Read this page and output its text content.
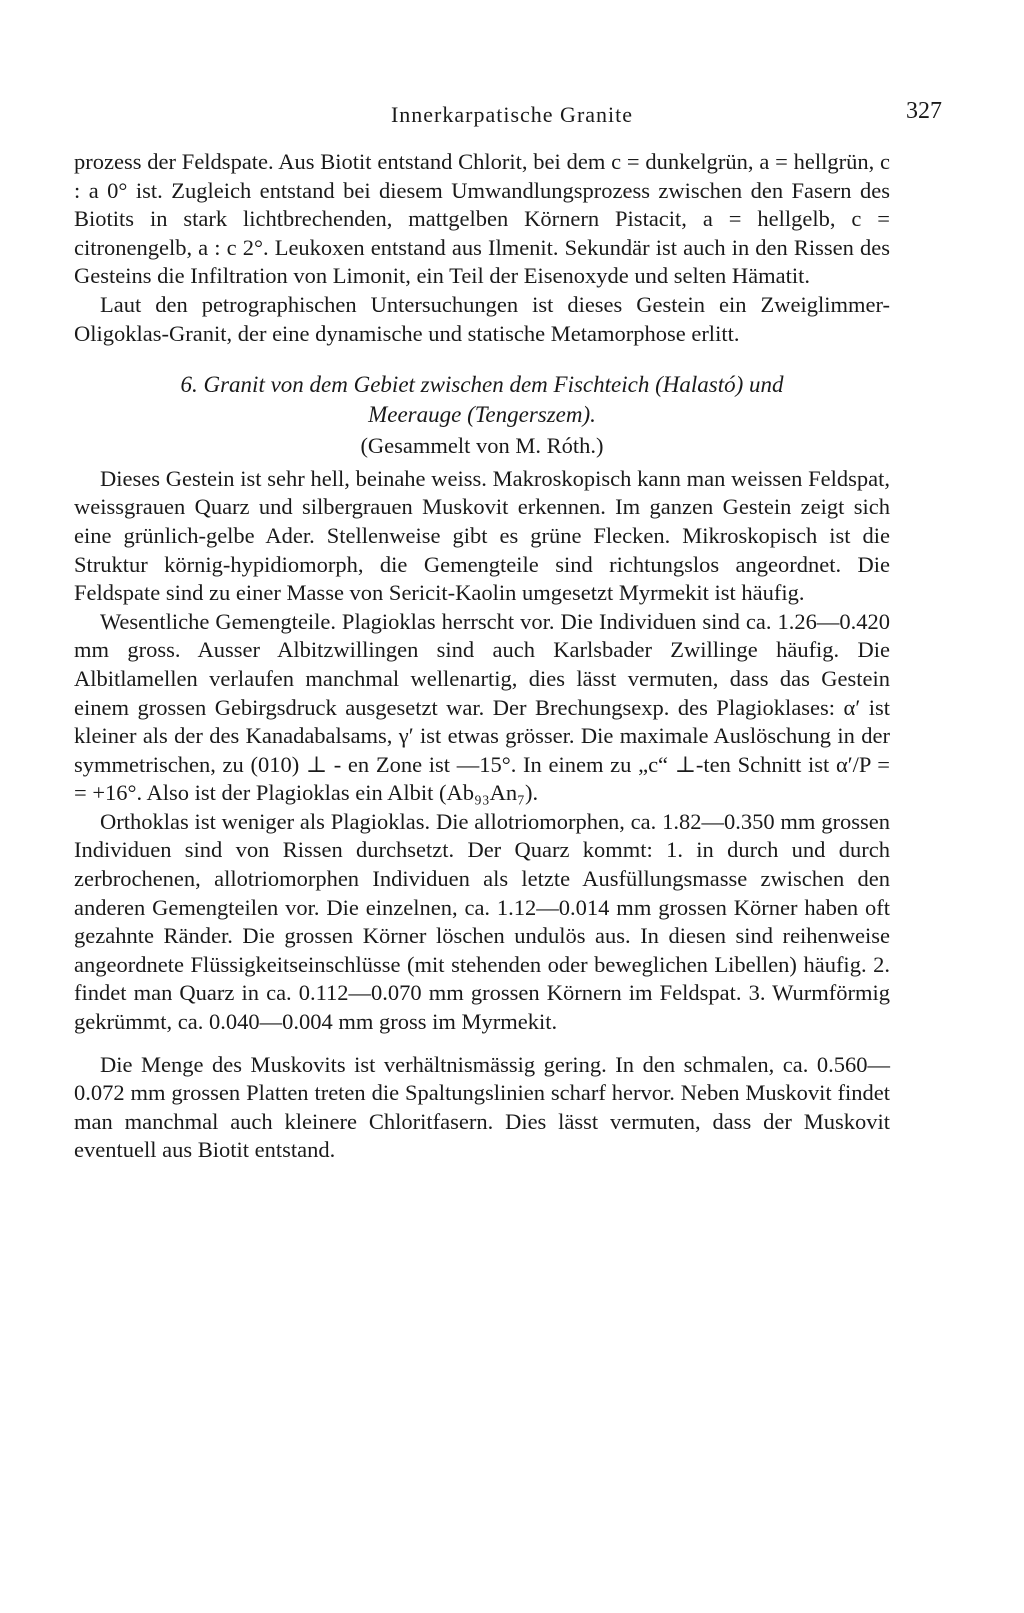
Innerkarpatische Granite	327

prozess der Feldspate. Aus Biotit entstand Chlorit, bei dem c = dunkelgrün, a = hellgrün, c : a 0° ist. Zugleich entstand bei diesem Umwandlungsprozess zwischen den Fasern des Biotits in stark lichtbrechenden, mattgelben Körnern Pistacit, a = hellgelb, c = citronengelb, a : c 2°. Leukoxen entstand aus Ilmenit. Sekundär ist auch in den Rissen des Gesteins die Infiltration von Limonit, ein Teil der Eisenoxyde und selten Hämatit.

Laut den petrographischen Untersuchungen ist dieses Gestein ein Zweiglimmer-Oligoklas-Granit, der eine dynamische und statische Metamorphose erlitt.

6. Granit von dem Gebiet zwischen dem Fischteich (Halastó) und
Meerauge (Tengerszem).
(Gesammelt von M. Róth.)

Dieses Gestein ist sehr hell, beinahe weiss. Makroskopisch kann man weissen Feldspat, weissgrauen Quarz und silbergrauen Muskovit erkennen. Im ganzen Gestein zeigt sich eine grünlich-gelbe Ader. Stellenweise gibt es grüne Flecken. Mikroskopisch ist die Struktur körnig-hypidiomorph, die Gemengteile sind richtungslos angeordnet. Die Feldspate sind zu einer Masse von Sericit-Kaolin umgesetzt Myrmekit ist häufig.

Wesentliche Gemengteile. Plagioklas herrscht vor. Die Individuen sind ca. 1.26—0.420 mm gross. Ausser Albitzwillingen sind auch Karlsbader Zwillinge häufig. Die Albitlamellen verlaufen manchmal wellenartig, dies lässt vermuten, dass das Gestein einem grossen Gebirgsdruck ausgesetzt war. Der Brechungsexp. des Plagioklases: α′ ist kleiner als der des Kanadabalsams, γ′ ist etwas grösser. Die maximale Auslöschung in der symmetrischen, zu (010) ⊥ - en Zone ist —15°. In einem zu „c“ ⊥-ten Schnitt ist α′/P = = +16°. Also ist der Plagioklas ein Albit (Ab₉₃An₇).

Orthoklas ist weniger als Plagioklas. Die allotriomorphen, ca. 1.82—0.350 mm grossen Individuen sind von Rissen durchsetzt. Der Quarz kommt: 1. in durch und durch zerbrochenen, allotriomorphen Individuen als letzte Ausfüllungsmasse zwischen den anderen Gemengteilen vor. Die einzelnen, ca. 1.12—0.014 mm grossen Körner haben oft gezahnte Ränder. Die grossen Körner löschen undulös aus. In diesen sind reihenweise angeordnete Flüssigkeitseinschlüsse (mit stehenden oder beweglichen Libellen) häufig. 2. findet man Quarz in ca. 0.112—0.070 mm grossen Körnern im Feldspat. 3. Wurmförmig gekrümmt, ca. 0.040—0.004 mm gross im Myrmekit.

Die Menge des Muskovits ist verhältnismässig gering. In den schmalen, ca. 0.560—0.072 mm grossen Platten treten die Spaltungslinien scharf hervor. Neben Muskovit findet man manchmal auch kleinere Chloritfasern. Dies lässt vermuten, dass der Muskovit eventuell aus Biotit entstand.
